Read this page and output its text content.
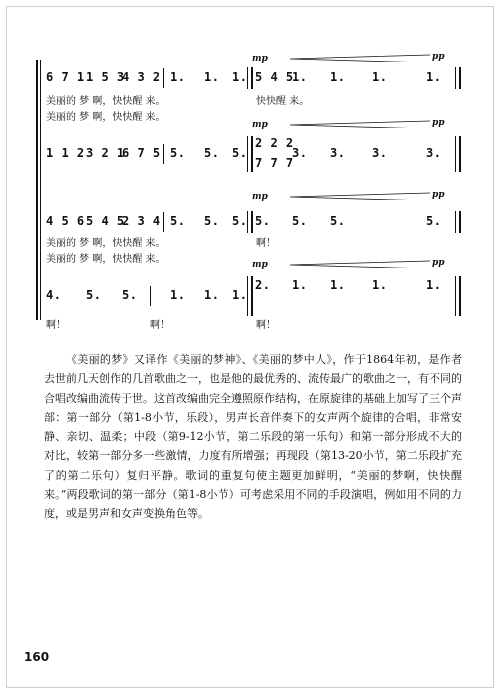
mp	pp
6 7 1 1 5 3
4 3 2 1. 1. 1. 5 4 5
1. 1. 1.	1.
美丽的 梦 啊，快快醒 来。	快快醒 来。
美丽的 梦 啊，快快醒 来。
mp	pp
1 1 2 3 2 1
6 7 5 5. 5. 5.
2 2 2
7 7 7
3. 3. 3.	3.
mp	pp
4 5 6 5 4 5
2 3 4 5. 5. 5. 5. 5. 5.	5.
美丽的 梦 啊，快快醒 来。	啊！
美丽的 梦 啊，快快醒 来。	mp	pp
4. 5. 5.	1. 1. 1.
2. 1. 1. 1.	1.
啊！	啊！	啊！

《美丽的梦》又译作《美丽的梦神》、《美丽的梦中人》，作于1864年初，是作者去世前几天创作的几首歌曲之一，也是他的最优秀的、流传最广的歌曲之一，有不同的合唱改编曲流传于世。这首改编曲完全遵照原作结构，在原旋律的基础上加写了三个声部：第一部分（第1-8小节，乐段），男声长音伴奏下的女声两个旋律的合唱，非常安静、亲切、温柔；中段（第9-12小节，第二乐段的第一乐句）和第一部分形成不大的对比，较第一部分多一些激情，力度有所增强；再现段（第13-20小节，第二乐段扩充了的第二乐句）复归平静。歌词的重复句使主题更加鲜明，“美丽的梦啊，快快醒来。”两段歌词的第一部分（第1-8小节）可考虑采用不同的手段演唱，例如用不同的力度，或是男声和女声变换角色等。

160
